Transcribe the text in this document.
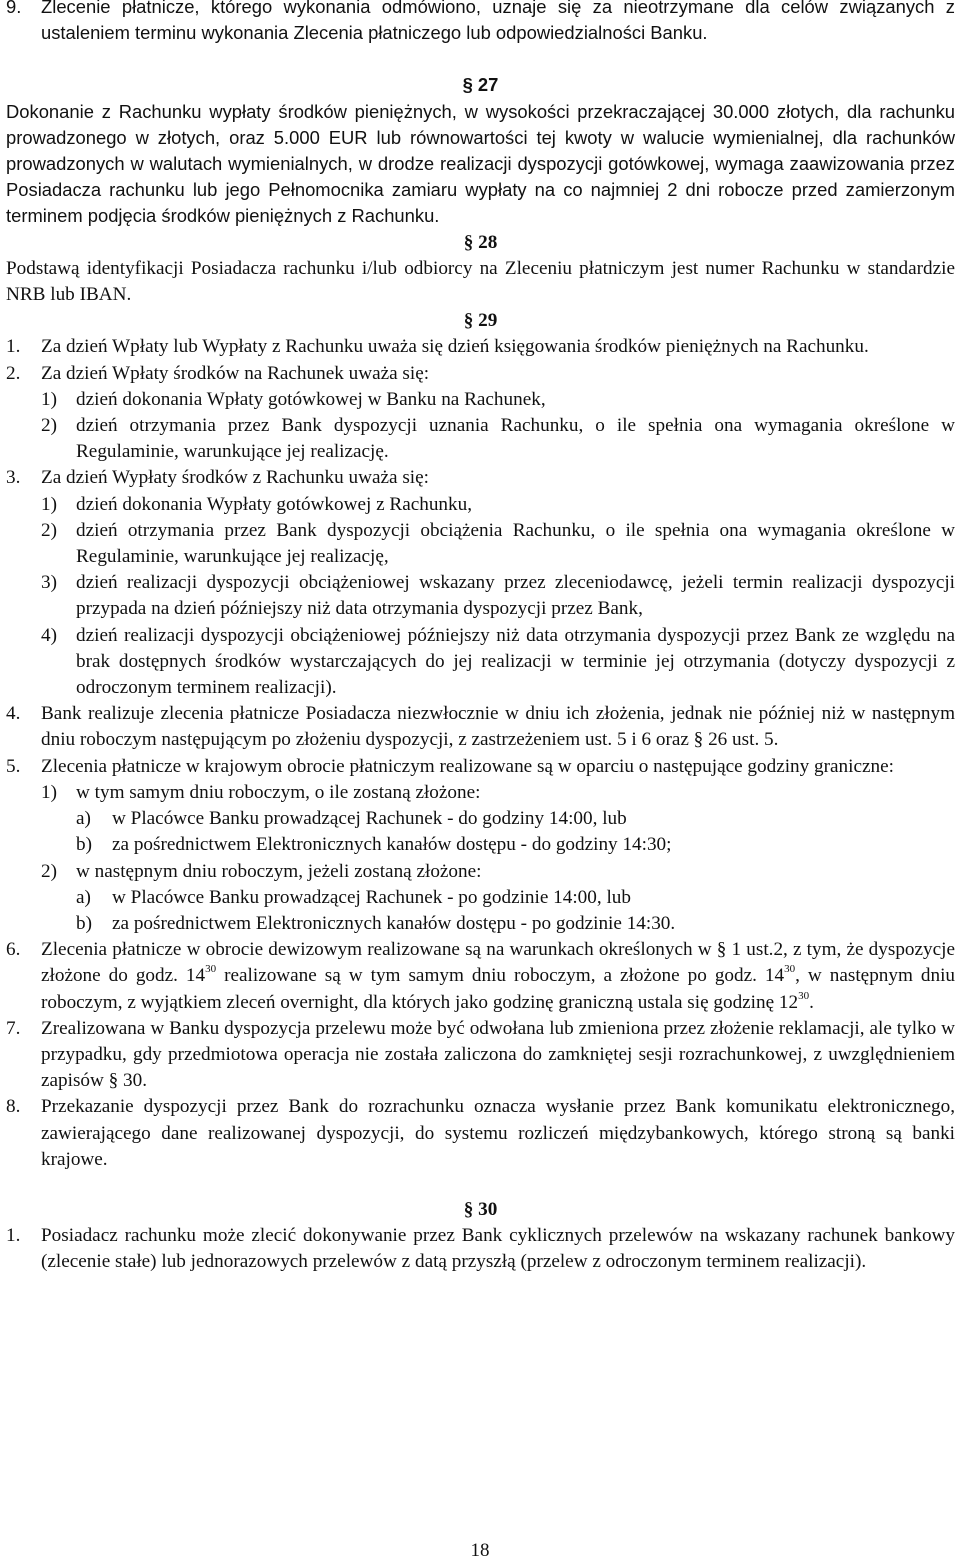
9. Zlecenie płatnicze, którego wykonania odmówiono, uznaje się za nieotrzymane dla celów związanych z ustaleniem terminu wykonania Zlecenia płatniczego lub odpowiedzialności Banku.

§ 27

Dokonanie z Rachunku wypłaty środków pieniężnych, w wysokości przekraczającej 30.000 złotych, dla rachunku prowadzonego w złotych, oraz 5.000 EUR lub równowartości tej kwoty w walucie wymienialnej, dla rachunków prowadzonych w walutach wymienialnych, w drodze realizacji dyspozycji gotówkowej, wymaga zaawizowania przez Posiadacza rachunku lub jego Pełnomocnika zamiaru wypłaty na co najmniej 2 dni robocze przed zamierzonym terminem podjęcia środków pieniężnych z Rachunku.

§ 28

Podstawą identyfikacji Posiadacza rachunku i/lub odbiorcy na Zleceniu płatniczym jest numer Rachunku w standardzie NRB lub IBAN.

§ 29

1. Za dzień Wpłaty lub Wypłaty z Rachunku uważa się dzień księgowania środków pieniężnych na Rachunku.
2. Za dzień Wpłaty środków na Rachunek uważa się:
1) dzień dokonania Wpłaty gotówkowej w Banku na Rachunek,
2) dzień otrzymania przez Bank dyspozycji uznania Rachunku, o ile spełnia ona wymagania określone w Regulaminie, warunkujące jej realizację.
3. Za dzień Wypłaty środków z Rachunku uważa się:
1) dzień dokonania Wypłaty gotówkowej z Rachunku,
2) dzień otrzymania przez Bank dyspozycji obciążenia Rachunku, o ile spełnia ona wymagania określone w Regulaminie, warunkujące jej realizację,
3) dzień realizacji dyspozycji obciążeniowej wskazany przez zleceniodawcę, jeżeli termin realizacji dyspozycji przypada na dzień późniejszy niż data otrzymania dyspozycji przez Bank,
4) dzień realizacji dyspozycji obciążeniowej późniejszy niż data otrzymania dyspozycji przez Bank ze względu na brak dostępnych środków wystarczających do jej realizacji w terminie jej otrzymania (dotyczy dyspozycji z odroczonym terminem realizacji).
4. Bank realizuje zlecenia płatnicze Posiadacza niezwłocznie w dniu ich złożenia, jednak nie później niż w następnym dniu roboczym następującym po złożeniu dyspozycji, z zastrzeżeniem ust. 5 i 6 oraz § 26 ust. 5.
5. Zlecenia płatnicze w krajowym obrocie płatniczym realizowane są w oparciu o następujące godziny graniczne:
1) w tym samym dniu roboczym, o ile zostaną złożone:
a) w Placówce Banku prowadzącej Rachunek - do godziny 14:00, lub
b) za pośrednictwem Elektronicznych kanałów dostępu - do godziny 14:30;
2) w następnym dniu roboczym, jeżeli zostaną złożone:
a) w Placówce Banku prowadzącej Rachunek - po godzinie 14:00, lub
b) za pośrednictwem Elektronicznych kanałów dostępu - po godzinie 14:30.
6. Zlecenia płatnicze w obrocie dewizowym realizowane są na warunkach określonych w § 1 ust.2, z tym, że dyspozycje złożone do godz. $14^{30}$ realizowane są w tym samym dniu roboczym, a złożone po godz. $14^{30}$, w następnym dniu roboczym, z wyjątkiem zleceń overnight, dla których jako godzinę graniczną ustala się godzinę $12^{30}$.
7. Zrealizowana w Banku dyspozycja przelewu może być odwołana lub zmieniona przez złożenie reklamacji, ale tylko w przypadku, gdy przedmiotowa operacja nie została zaliczona do zamkniętej sesji rozrachunkowej, z uwzględnieniem zapisów § 30.
8. Przekazanie dyspozycji przez Bank do rozrachunku oznacza wysłanie przez Bank komunikatu elektronicznego, zawierającego dane realizowanej dyspozycji, do systemu rozliczeń międzybankowych, którego stroną są banki krajowe.

§ 30

1. Posiadacz rachunku może zlecić dokonywanie przez Bank cyklicznych przelewów na wskazany rachunek bankowy (zlecenie stałe) lub jednorazowych przelewów z datą przyszłą (przelew z odroczonym terminem realizacji).
18
